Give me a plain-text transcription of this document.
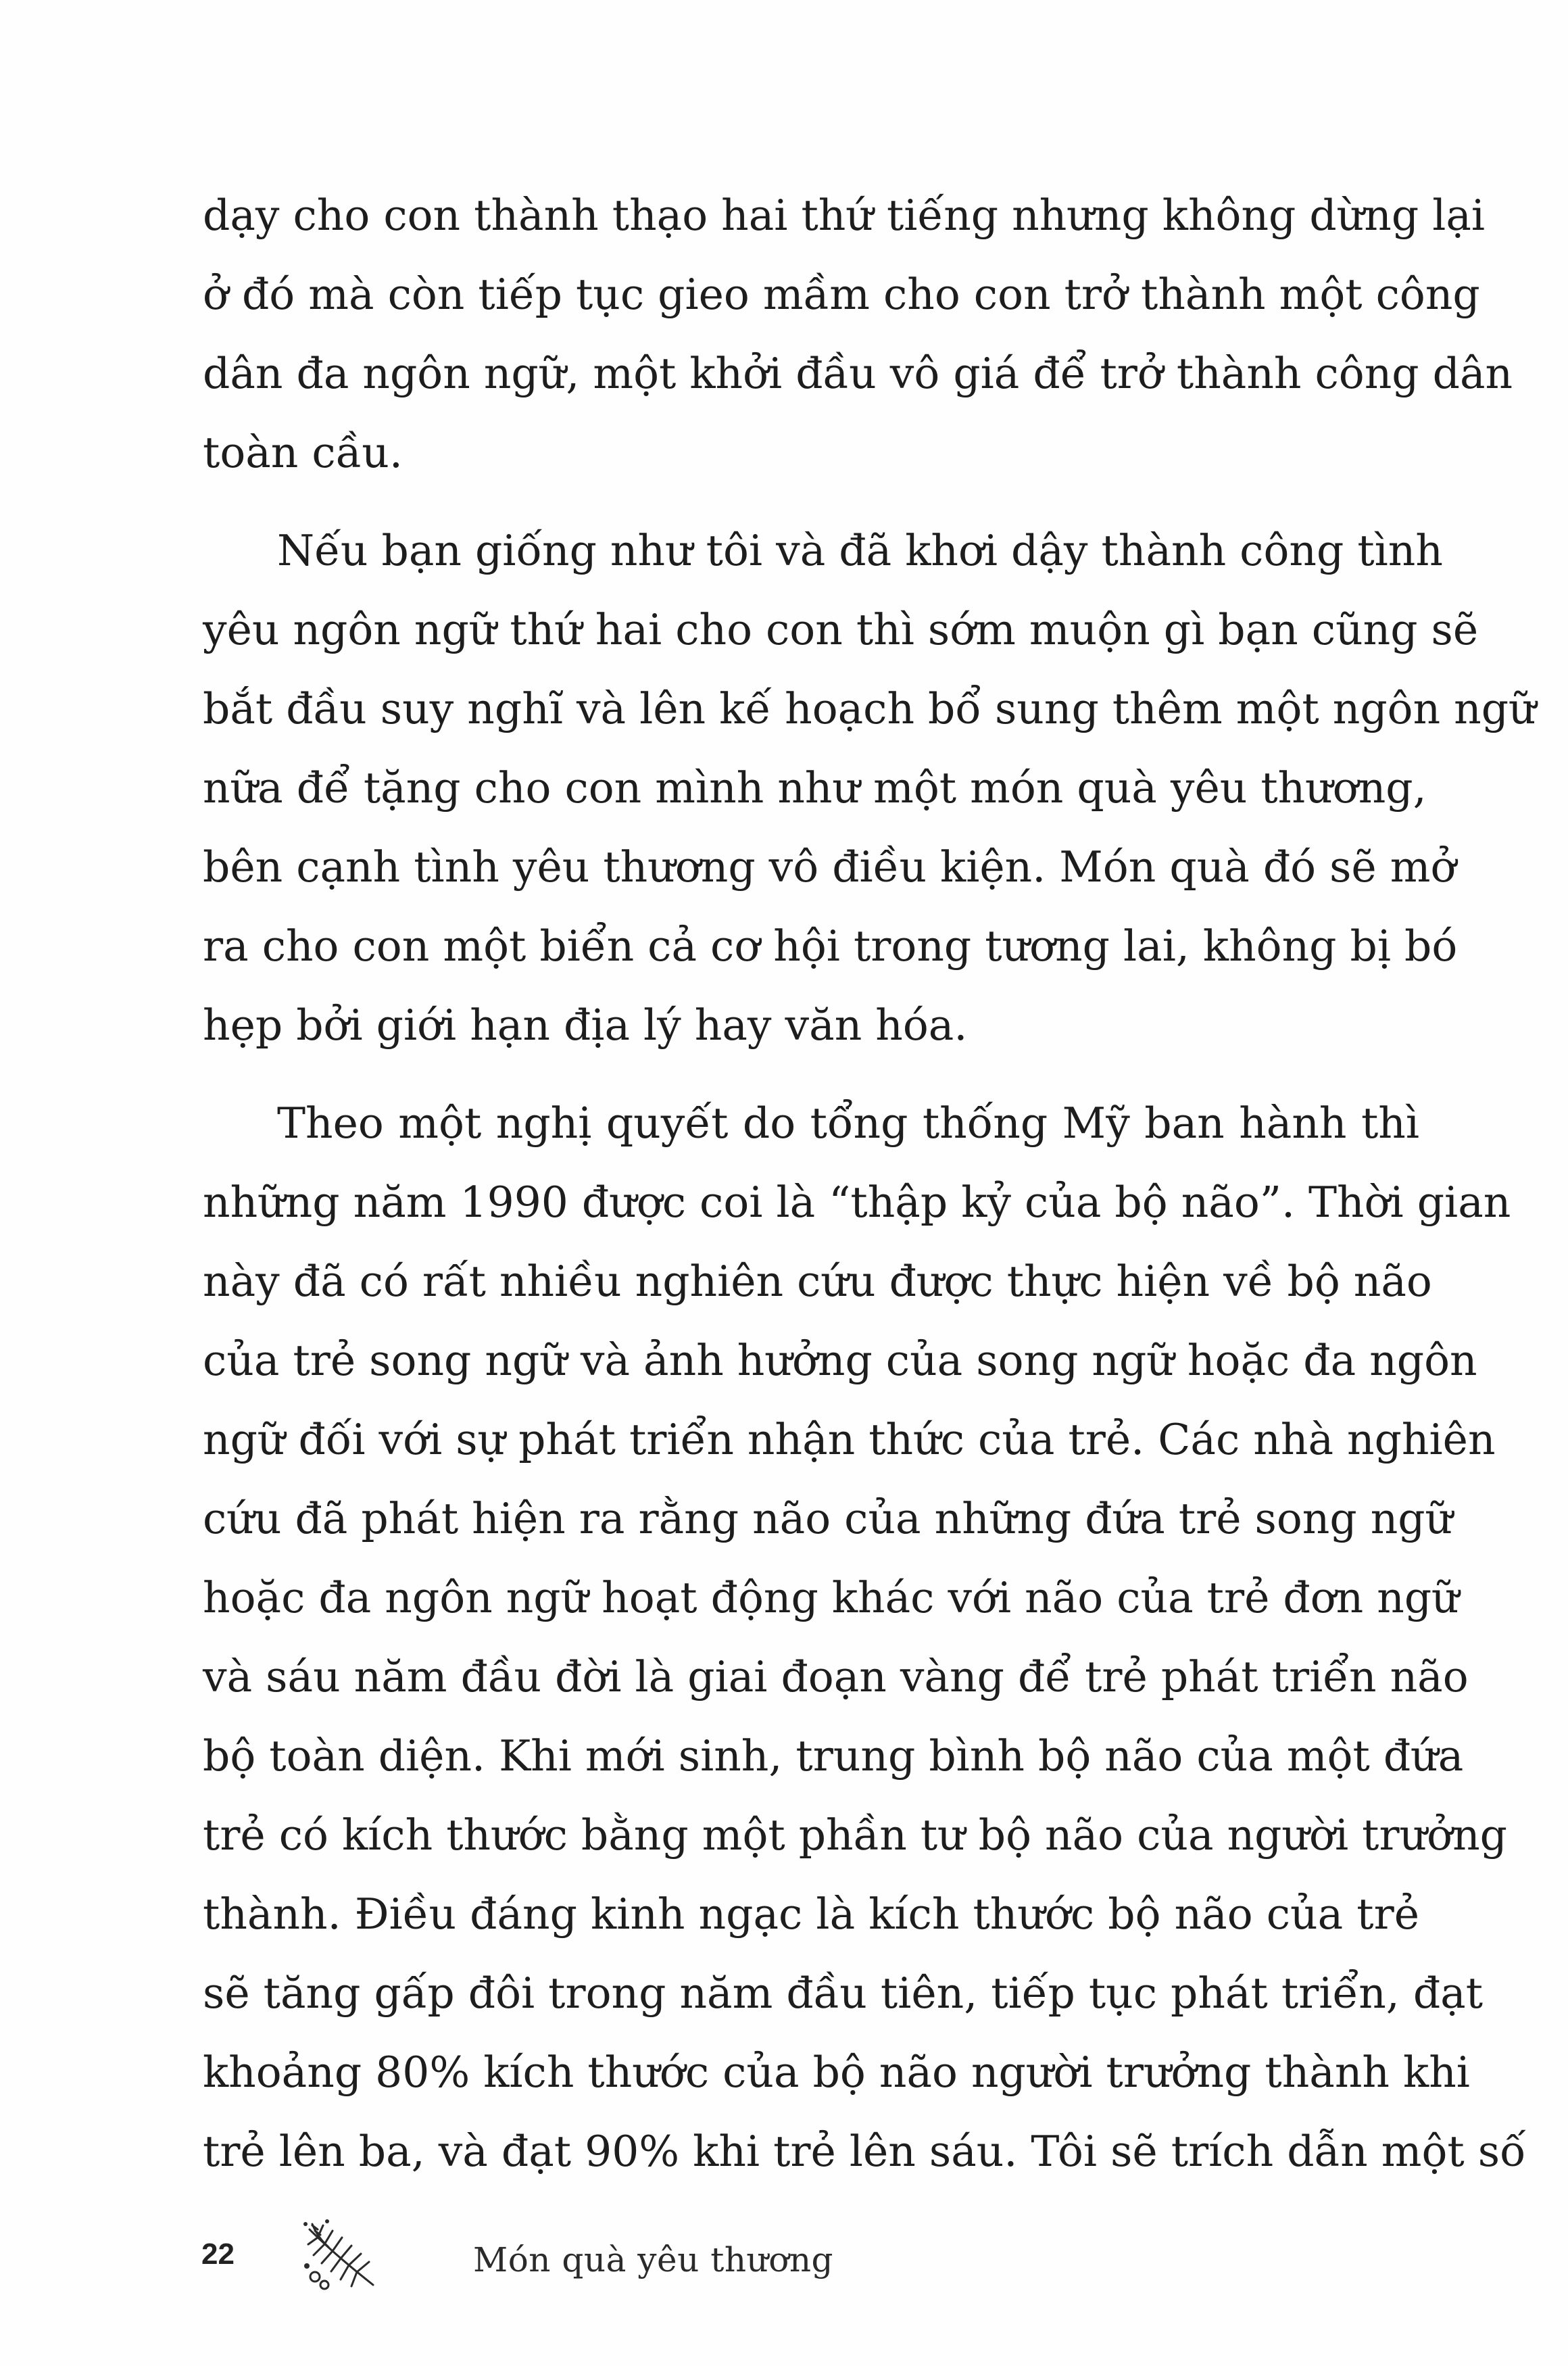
dạy cho con thành thạo hai thứ tiếng nhưng không dừng lại
ở đó mà còn tiếp tục gieo mầm cho con trở thành một công
dân đa ngôn ngữ, một khởi đầu vô giá để trở thành công dân
toàn cầu.
Nếu bạn giống như tôi và đã khơi dậy thành công tình
yêu ngôn ngữ thứ hai cho con thì sớm muộn gì bạn cũng sẽ
bắt đầu suy nghĩ và lên kế hoạch bổ sung thêm một ngôn ngữ
nữa để tặng cho con mình như một món quà yêu thương,
bên cạnh tình yêu thương vô điều kiện. Món quà đó sẽ mở
ra cho con một biển cả cơ hội trong tương lai, không bị bó
hẹp bởi giới hạn địa lý hay văn hóa.
Theo một nghị quyết do tổng thống Mỹ ban hành thì
những năm 1990 được coi là “thập kỷ của bộ não”. Thời gian
này đã có rất nhiều nghiên cứu được thực hiện về bộ não
của trẻ song ngữ và ảnh hưởng của song ngữ hoặc đa ngôn
ngữ đối với sự phát triển nhận thức của trẻ. Các nhà nghiên
cứu đã phát hiện ra rằng não của những đứa trẻ song ngữ
hoặc đa ngôn ngữ hoạt động khác với não của trẻ đơn ngữ
và sáu năm đầu đời là giai đoạn vàng để trẻ phát triển não
bộ toàn diện. Khi mới sinh, trung bình bộ não của một đứa
trẻ có kích thước bằng một phần tư bộ não của người trưởng
thành. Điều đáng kinh ngạc là kích thước bộ não của trẻ
sẽ tăng gấp đôi trong năm đầu tiên, tiếp tục phát triển, đạt
khoảng 80% kích thước của bộ não người trưởng thành khi
trẻ lên ba, và đạt 90% khi trẻ lên sáu. Tôi sẽ trích dẫn một số
22	Món quà yêu thương
